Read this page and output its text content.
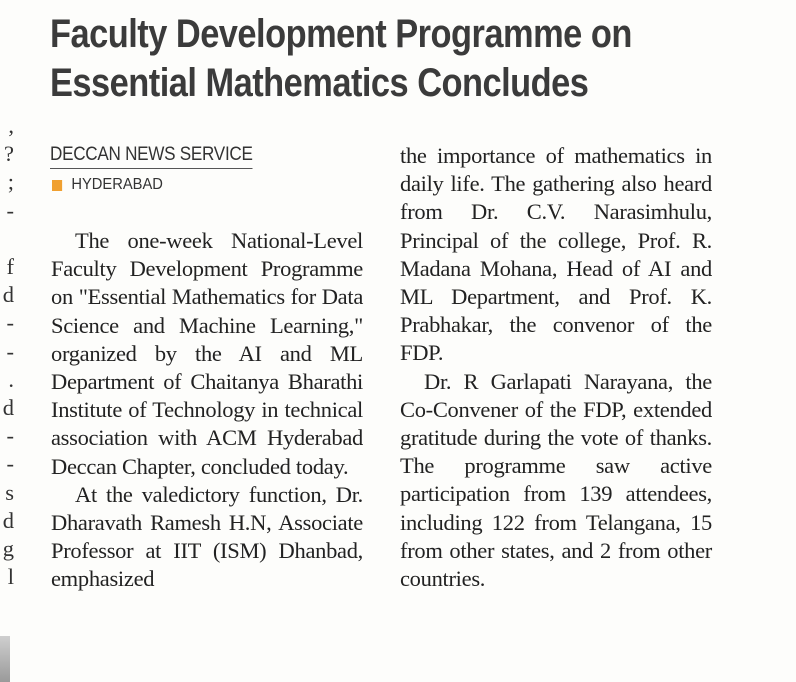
,
?
;
-

f
d
-
-
.
d
-
-
s
d
g
l
Faculty Development Programme on
Essential Mathematics Concludes
DECCAN NEWS SERVICE
HYDERABAD

The one-week National-Level Faculty Development Programme on "Essential Mathematics for Data Science and Machine Learning," organized by the AI and ML Department of Chaitanya Bharathi Institute of Technology in technical association with ACM Hyderabad Deccan Chapter, concluded today.

At the valedictory function, Dr. Dharavath Ramesh H.N, Associate Professor at IIT (ISM) Dhanbad, emphasized

the importance of mathematics in daily life. The gathering also heard from Dr. C.V. Narasimhulu, Principal of the college, Prof. R. Madana Mohana, Head of AI and ML Department, and Prof. K. Prabhakar, the convenor of the FDP.

Dr. R Garlapati Narayana, the Co-Convener of the FDP, extended gratitude during the vote of thanks. The programme saw active participation from 139 attendees, including 122 from Telangana, 15 from other states, and 2 from other countries.
